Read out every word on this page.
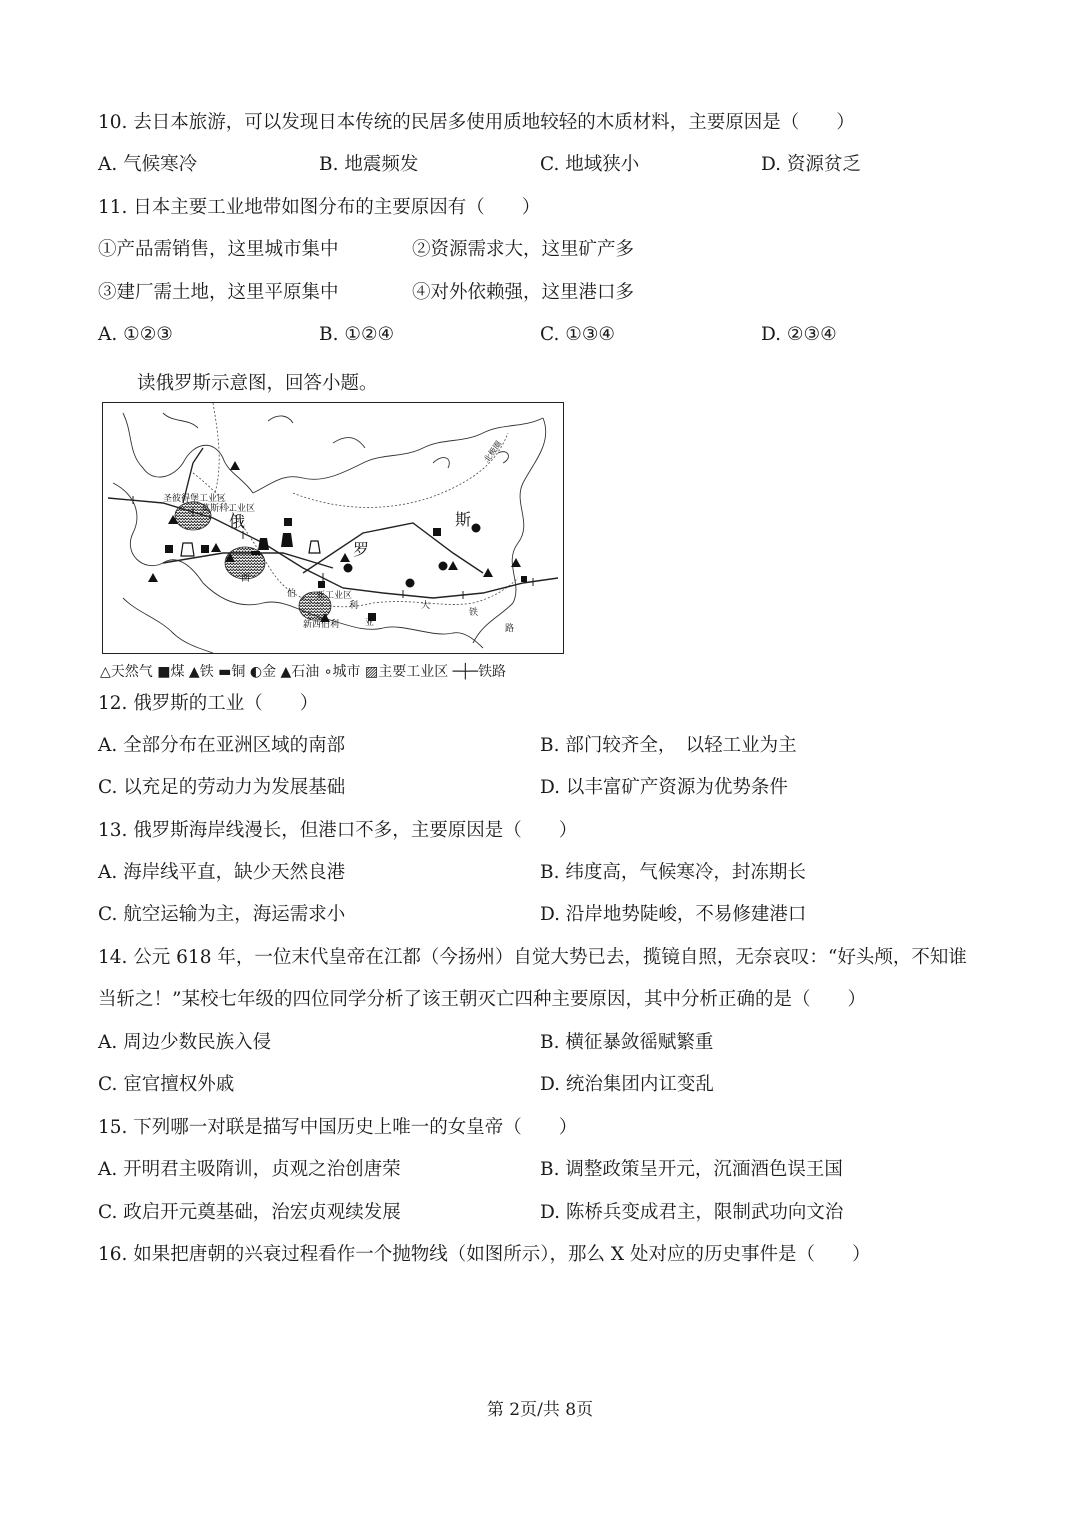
10. 去日本旅游，可以发现日本传统的民居多使用质地较轻的木质材料，主要原因是（　　）
A. 气候寒冷	B. 地震频发	C. 地域狭小	D. 资源贫乏
11. 日本主要工业地带如图分布的主要原因有（　　）
①产品需销售，这里城市集中	②资源需求大，这里矿产多
③建厂需土地，这里平原集中	④对外依赖强，这里港口多
A. ①②③	B. ①②④	C. ①③④	D. ②③④
读俄罗斯示意图，回答小题。
圣彼得堡工业区
莫斯科工业区
新西伯利
亚工业区
亚
大
铁
路
西
伯
利
俄
罗
斯
北极圈
△天然气 ■煤 ▲铁 ▬铜 ◐金 ▲石油 ∘城市 ▨主要工业区 ─┼─铁路
12. 俄罗斯的工业（　　）
A. 全部分布在亚洲区域的南部	B. 部门较齐全，　以轻工业为主
C. 以充足的劳动力为发展基础	D. 以丰富矿产资源为优势条件
13. 俄罗斯海岸线漫长，但港口不多，主要原因是（　　）
A. 海岸线平直，缺少天然良港	B. 纬度高，气候寒冷，封冻期长
C. 航空运输为主，海运需求小	D. 沿岸地势陡峻，不易修建港口
14. 公元 618 年，一位末代皇帝在江都（今扬州）自觉大势已去，揽镜自照，无奈哀叹：“好头颅，不知谁
当斩之！”某校七年级的四位同学分析了该王朝灭亡四种主要原因，其中分析正确的是（　　）
A. 周边少数民族入侵	B. 横征暴敛徭赋繁重
C. 宦官擅权外戚	D. 统治集团内讧变乱
15. 下列哪一对联是描写中国历史上唯一的女皇帝（　　）
A. 开明君主吸隋训，贞观之治创唐荣	B. 调整政策呈开元，沉湎酒色误王国
C. 政启开元奠基础，治宏贞观续发展	D. 陈桥兵变成君主，限制武功向文治
16. 如果把唐朝的兴衰过程看作一个抛物线（如图所示），那么 X 处对应的历史事件是（　　）
第 2页/共 8页
